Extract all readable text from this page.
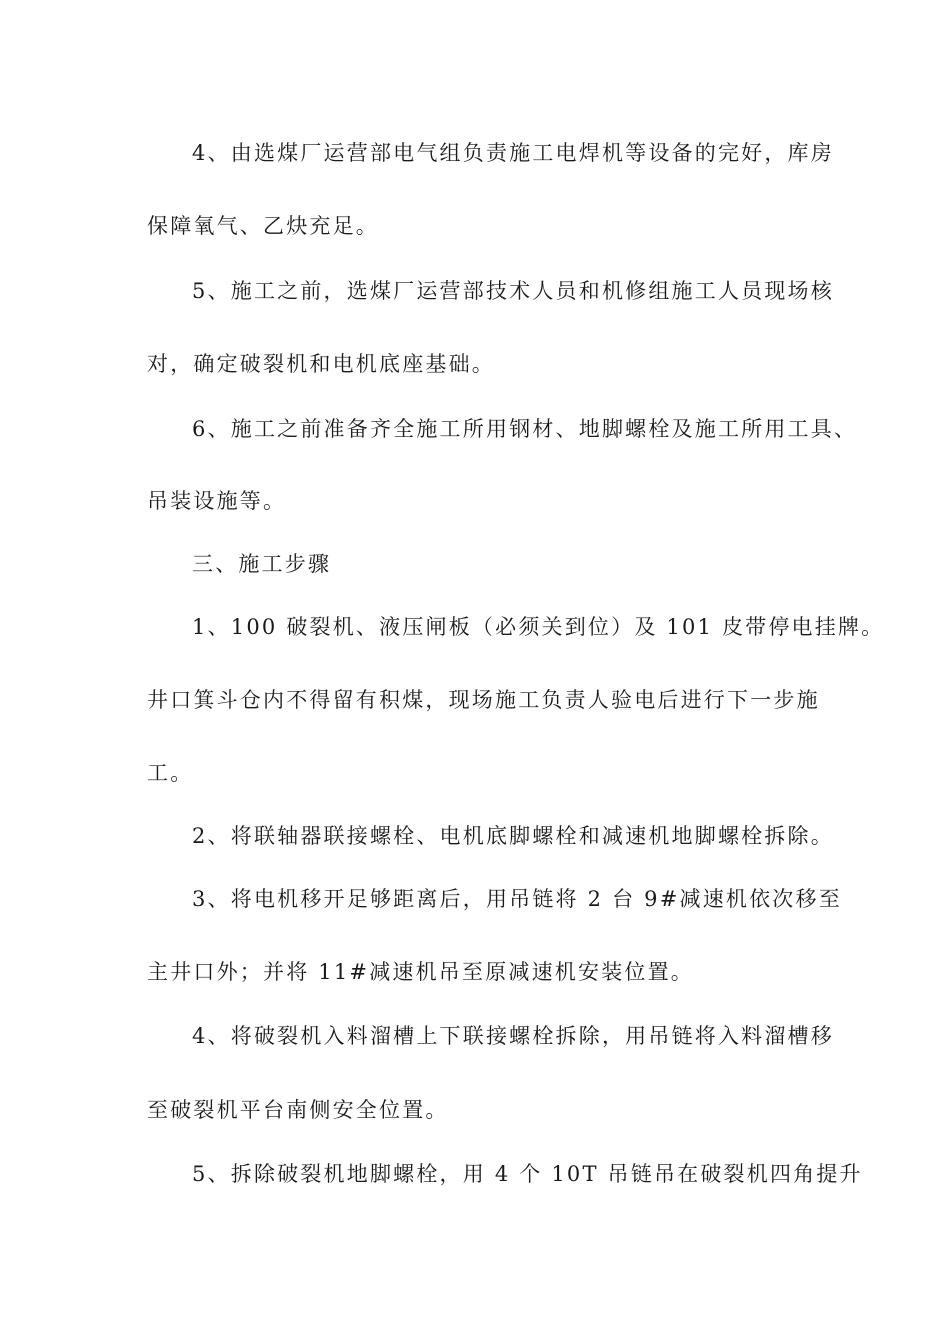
4、由选煤厂运营部电气组负责施工电焊机等设备的完好，库房
保障氧气、乙炔充足。
5、施工之前，选煤厂运营部技术人员和机修组施工人员现场核
对，确定破裂机和电机底座基础。
6、施工之前准备齐全施工所用钢材、地脚螺栓及施工所用工具、
吊装设施等。
三、施工步骤
1、100 破裂机、液压闸板（必须关到位）及 101 皮带停电挂牌。
井口箕斗仓内不得留有积煤，现场施工负责人验电后进行下一步施
工。
2、将联轴器联接螺栓、电机底脚螺栓和减速机地脚螺栓拆除。
3、将电机移开足够距离后，用吊链将 2 台 9#减速机依次移至
主井口外；并将 11#减速机吊至原减速机安装位置。
4、将破裂机入料溜槽上下联接螺栓拆除，用吊链将入料溜槽移
至破裂机平台南侧安全位置。
5、拆除破裂机地脚螺栓，用 4 个 10T 吊链吊在破裂机四角提升
